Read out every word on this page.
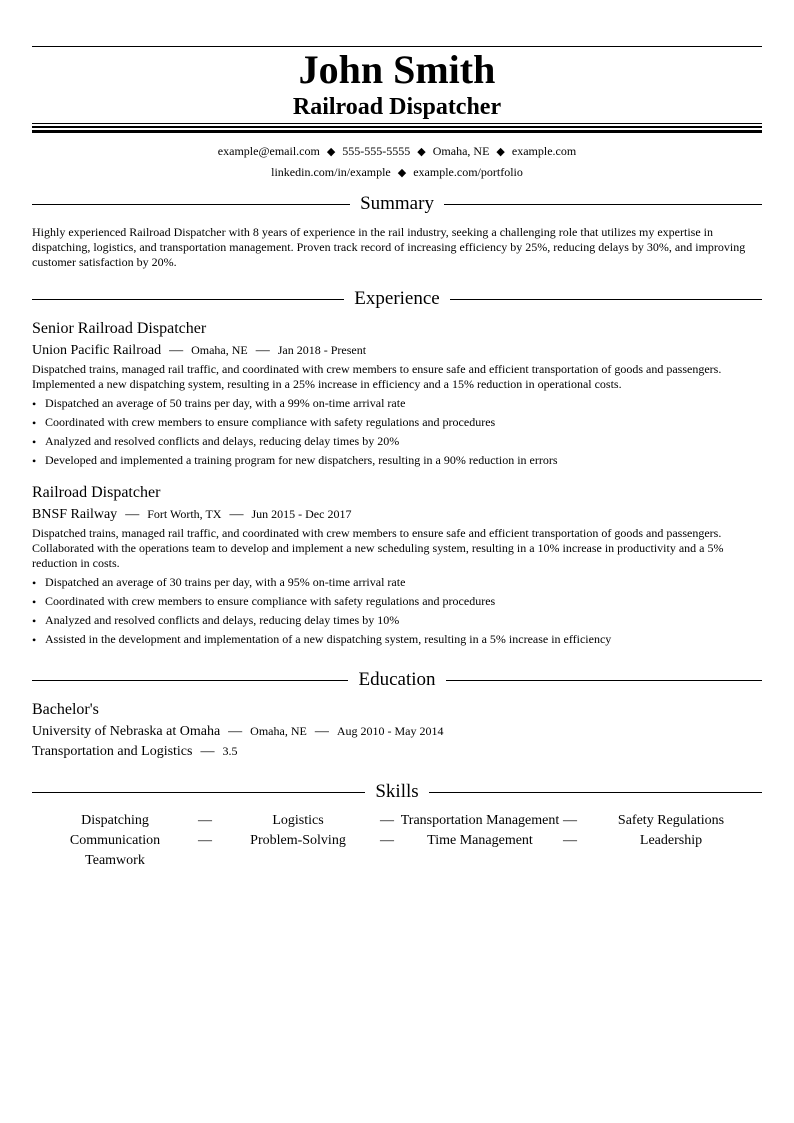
John Smith
Railroad Dispatcher
example@email.com ◆ 555-555-5555 ◆ Omaha, NE ◆ example.com
linkedin.com/in/example ◆ example.com/portfolio
Summary
Highly experienced Railroad Dispatcher with 8 years of experience in the rail industry, seeking a challenging role that utilizes my expertise in dispatching, logistics, and transportation management. Proven track record of increasing efficiency by 25%, reducing delays by 30%, and improving customer satisfaction by 20%.
Experience
Senior Railroad Dispatcher
Union Pacific Railroad — Omaha, NE — Jan 2018 - Present
Dispatched trains, managed rail traffic, and coordinated with crew members to ensure safe and efficient transportation of goods and passengers. Implemented a new dispatching system, resulting in a 25% increase in efficiency and a 15% reduction in operational costs.
• Dispatched an average of 50 trains per day, with a 99% on-time arrival rate
• Coordinated with crew members to ensure compliance with safety regulations and procedures
• Analyzed and resolved conflicts and delays, reducing delay times by 20%
• Developed and implemented a training program for new dispatchers, resulting in a 90% reduction in errors
Railroad Dispatcher
BNSF Railway — Fort Worth, TX — Jun 2015 - Dec 2017
Dispatched trains, managed rail traffic, and coordinated with crew members to ensure safe and efficient transportation of goods and passengers. Collaborated with the operations team to develop and implement a new scheduling system, resulting in a 10% increase in productivity and a 5% reduction in costs.
• Dispatched an average of 30 trains per day, with a 95% on-time arrival rate
• Coordinated with crew members to ensure compliance with safety regulations and procedures
• Analyzed and resolved conflicts and delays, reducing delay times by 10%
• Assisted in the development and implementation of a new dispatching system, resulting in a 5% increase in efficiency
Education
Bachelor's
University of Nebraska at Omaha — Omaha, NE — Aug 2010 - May 2014
Transportation and Logistics — 3.5
Skills
Dispatching	—	Logistics	— Transportation Management —	Safety Regulations
Communication	—	Problem-Solving	—	Time Management	—	Leadership
Teamwork
